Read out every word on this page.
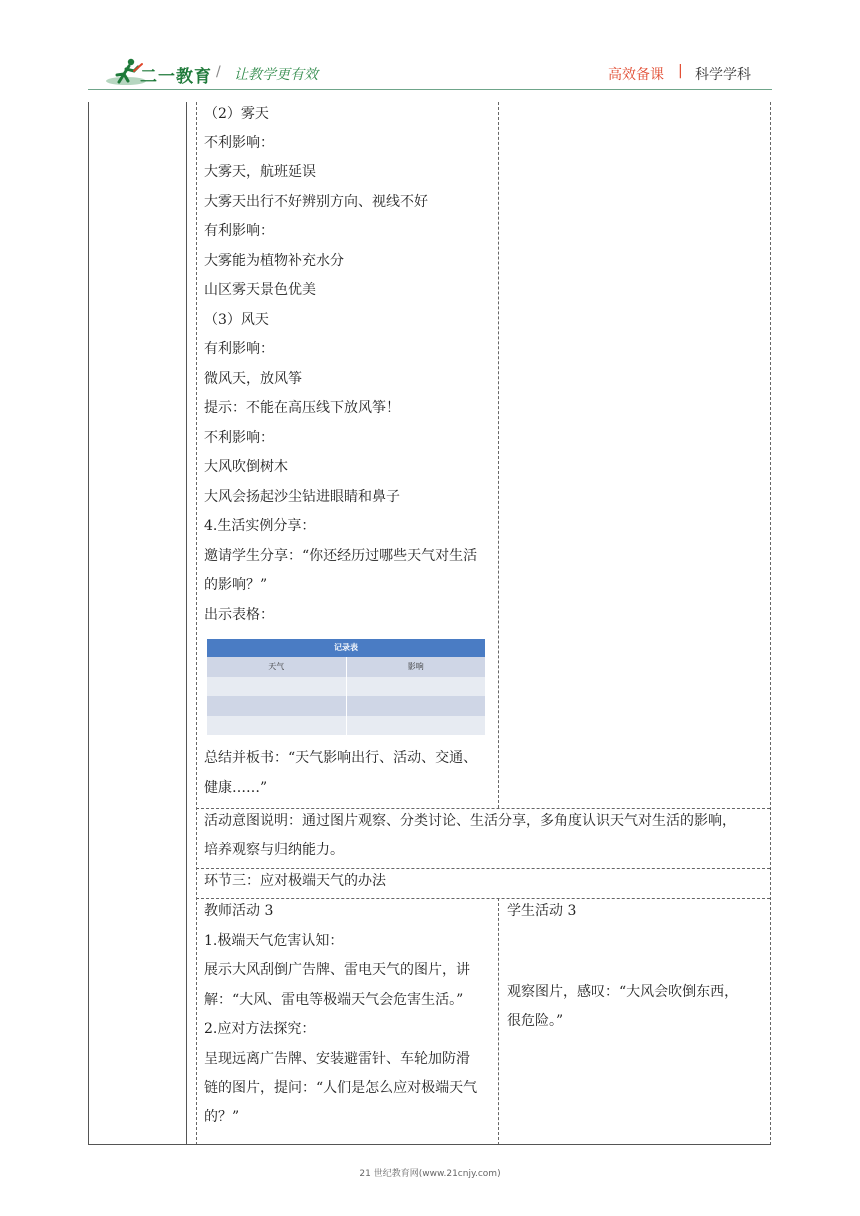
二一教育 / 让教学更有效	高效备课 | 科学学科
（2）雾天
不利影响：
大雾天，航班延误
大雾天出行不好辨别方向、视线不好
有利影响：
大雾能为植物补充水分
山区雾天景色优美
（3）风天
有利影响：
微风天，放风筝
提示：不能在高压线下放风筝！
不利影响：
大风吹倒树木
大风会扬起沙尘钻进眼睛和鼻子
4.生活实例分享：
邀请学生分享：“你还经历过哪些天气对生活
的影响？”
出示表格：
记录表
天气	影响
总结并板书：“天气影响出行、活动、交通、
健康……”
活动意图说明：通过图片观察、分类讨论、生活分享，多角度认识天气对生活的影响，
培养观察与归纳能力。
环节三：应对极端天气的办法
教师活动 3
1.极端天气危害认知：
展示大风刮倒广告牌、雷电天气的图片，讲
解：“大风、雷电等极端天气会危害生活。”
2.应对方法探究：
呈现远离广告牌、安装避雷针、车轮加防滑
链的图片，提问：“人们是怎么应对极端天气
的？”
学生活动 3
观察图片，感叹：“大风会吹倒东西，
很危险。”
21 世纪教育网(www.21cnjy.com)
